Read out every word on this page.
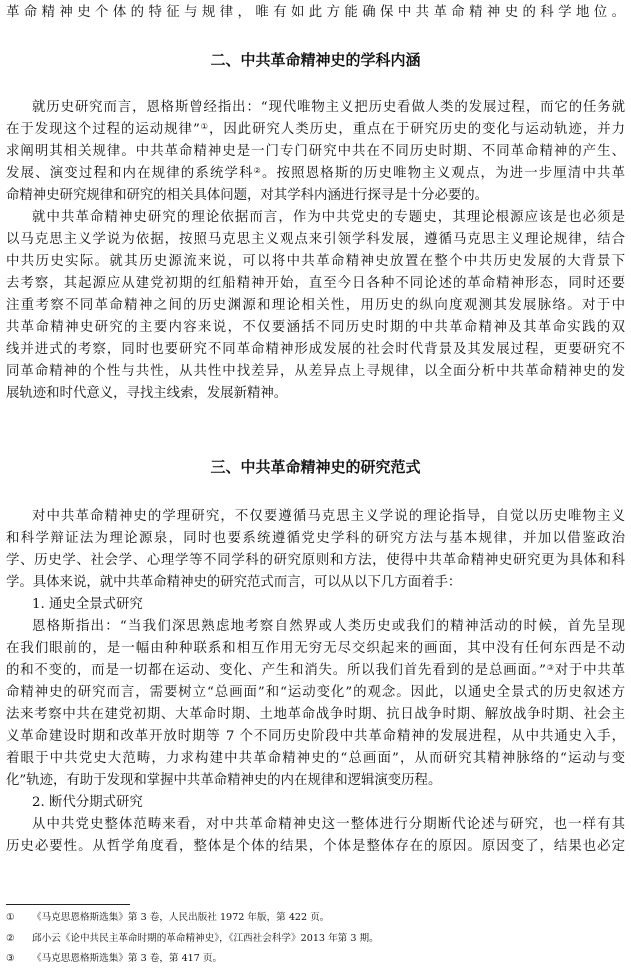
革命精神史个体的特征与规律，唯有如此方能确保中共革命精神史的科学地位。
二、中共革命精神史的学科内涵
就历史研究而言，恩格斯曾经指出：“现代唯物主义把历史看做人类的发展过程，而它的任务就
在于发现这个过程的运动规律”①，因此研究人类历史，重点在于研究历史的变化与运动轨迹，并力
求阐明其相关规律。中共革命精神史是一门专门研究中共在不同历史时期、不同革命精神的产生、
发展、演变过程和内在规律的系统学科②。按照恩格斯的历史唯物主义观点，为进一步厘清中共革
命精神史研究规律和研究的相关具体问题，对其学科内涵进行探寻是十分必要的。
就中共革命精神史研究的理论依据而言，作为中共党史的专题史，其理论根源应该是也必须是
以马克思主义学说为依据，按照马克思主义观点来引领学科发展，遵循马克思主义理论规律，结合
中共历史实际。就其历史源流来说，可以将中共革命精神史放置在整个中共历史发展的大背景下
去考察，其起源应从建党初期的红船精神开始，直至今日各种不同论述的革命精神形态，同时还要
注重考察不同革命精神之间的历史渊源和理论相关性，用历史的纵向度观测其发展脉络。对于中
共革命精神史研究的主要内容来说，不仅要涵括不同历史时期的中共革命精神及其革命实践的双
线并进式的考察，同时也要研究不同革命精神形成发展的社会时代背景及其发展过程，更要研究不
同革命精神的个性与共性，从共性中找差异，从差异点上寻规律，以全面分析中共革命精神史的发
展轨迹和时代意义，寻找主线索，发展新精神。
三、中共革命精神史的研究范式
对中共革命精神史的学理研究，不仅要遵循马克思主义学说的理论指导，自觉以历史唯物主义
和科学辩证法为理论源泉，同时也要系统遵循党史学科的研究方法与基本规律，并加以借鉴政治
学、历史学、社会学、心理学等不同学科的研究原则和方法，使得中共革命精神史研究更为具体和科
学。具体来说，就中共革命精神史的研究范式而言，可以从以下几方面着手：
1. 通史全景式研究
恩格斯指出：“当我们深思熟虑地考察自然界或人类历史或我们的精神活动的时候，首先呈现
在我们眼前的，是一幅由种种联系和相互作用无穷无尽交织起来的画面，其中没有任何东西是不动
的和不变的，而是一切都在运动、变化、产生和消失。所以我们首先看到的是总画面。”③对于中共革
命精神史的研究而言，需要树立“总画面”和“运动变化”的观念。因此，以通史全景式的历史叙述方
法来考察中共在建党初期、大革命时期、土地革命战争时期、抗日战争时期、解放战争时期、社会主
义革命建设时期和改革开放时期等 7 个不同历史阶段中共革命精神的发展进程，从中共通史入手，
着眼于中共党史大范畴，力求构建中共革命精神史的“总画面”，从而研究其精神脉络的“运动与变
化”轨迹，有助于发现和掌握中共革命精神史的内在规律和逻辑演变历程。
2. 断代分期式研究
从中共党史整体范畴来看，对中共革命精神史这一整体进行分期断代论述与研究，也一样有其
历史必要性。从哲学角度看，整体是个体的结果，个体是整体存在的原因。原因变了，结果也必定
① 《马克思恩格斯选集》第 3 卷，人民出版社 1972 年版，第 422 页。
② 邱小云《论中共民主革命时期的革命精神史》，《江西社会科学》2013 年第 3 期。
③ 《马克思恩格斯选集》第 3 卷，第 417 页。
